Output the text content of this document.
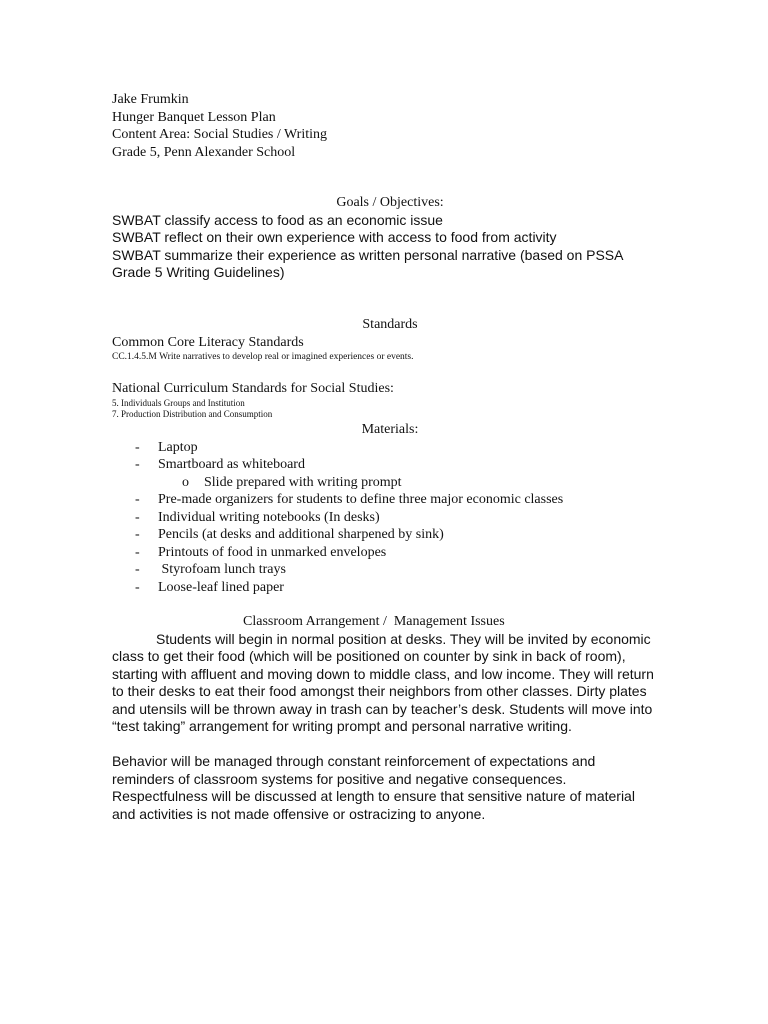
Jake Frumkin
Hunger Banquet Lesson Plan
Content Area: Social Studies / Writing
Grade 5, Penn Alexander School
Goals / Objectives:
SWBAT classify access to food as an economic issue
SWBAT reflect on their own experience with access to food from activity
SWBAT summarize their experience as written personal narrative (based on PSSA Grade 5 Writing Guidelines)
Standards
Common Core Literacy Standards
CC.1.4.5.M Write narratives to develop real or imagined experiences or events.
National Curriculum Standards for Social Studies:
5. Individuals Groups and Institution
7. Production Distribution and Consumption
Materials:
- Laptop
- Smartboard as whiteboard
o Slide prepared with writing prompt
- Pre-made organizers for students to define three major economic classes
- Individual writing notebooks (In desks)
- Pencils (at desks and additional sharpened by sink)
- Printouts of food in unmarked envelopes
- Styrofoam lunch trays
- Loose-leaf lined paper
Classroom Arrangement /  Management Issues

Students will begin in normal position at desks. They will be invited by economic class to get their food (which will be positioned on counter by sink in back of room), starting with affluent and moving down to middle class, and low income. They will return to their desks to eat their food amongst their neighbors from other classes. Dirty plates and utensils will be thrown away in trash can by teacher’s desk. Students will move into “test taking” arrangement for writing prompt and personal narrative writing.

Behavior will be managed through constant reinforcement of expectations and reminders of classroom systems for positive and negative consequences. Respectfulness will be discussed at length to ensure that sensitive nature of material and activities is not made offensive or ostracizing to anyone.
